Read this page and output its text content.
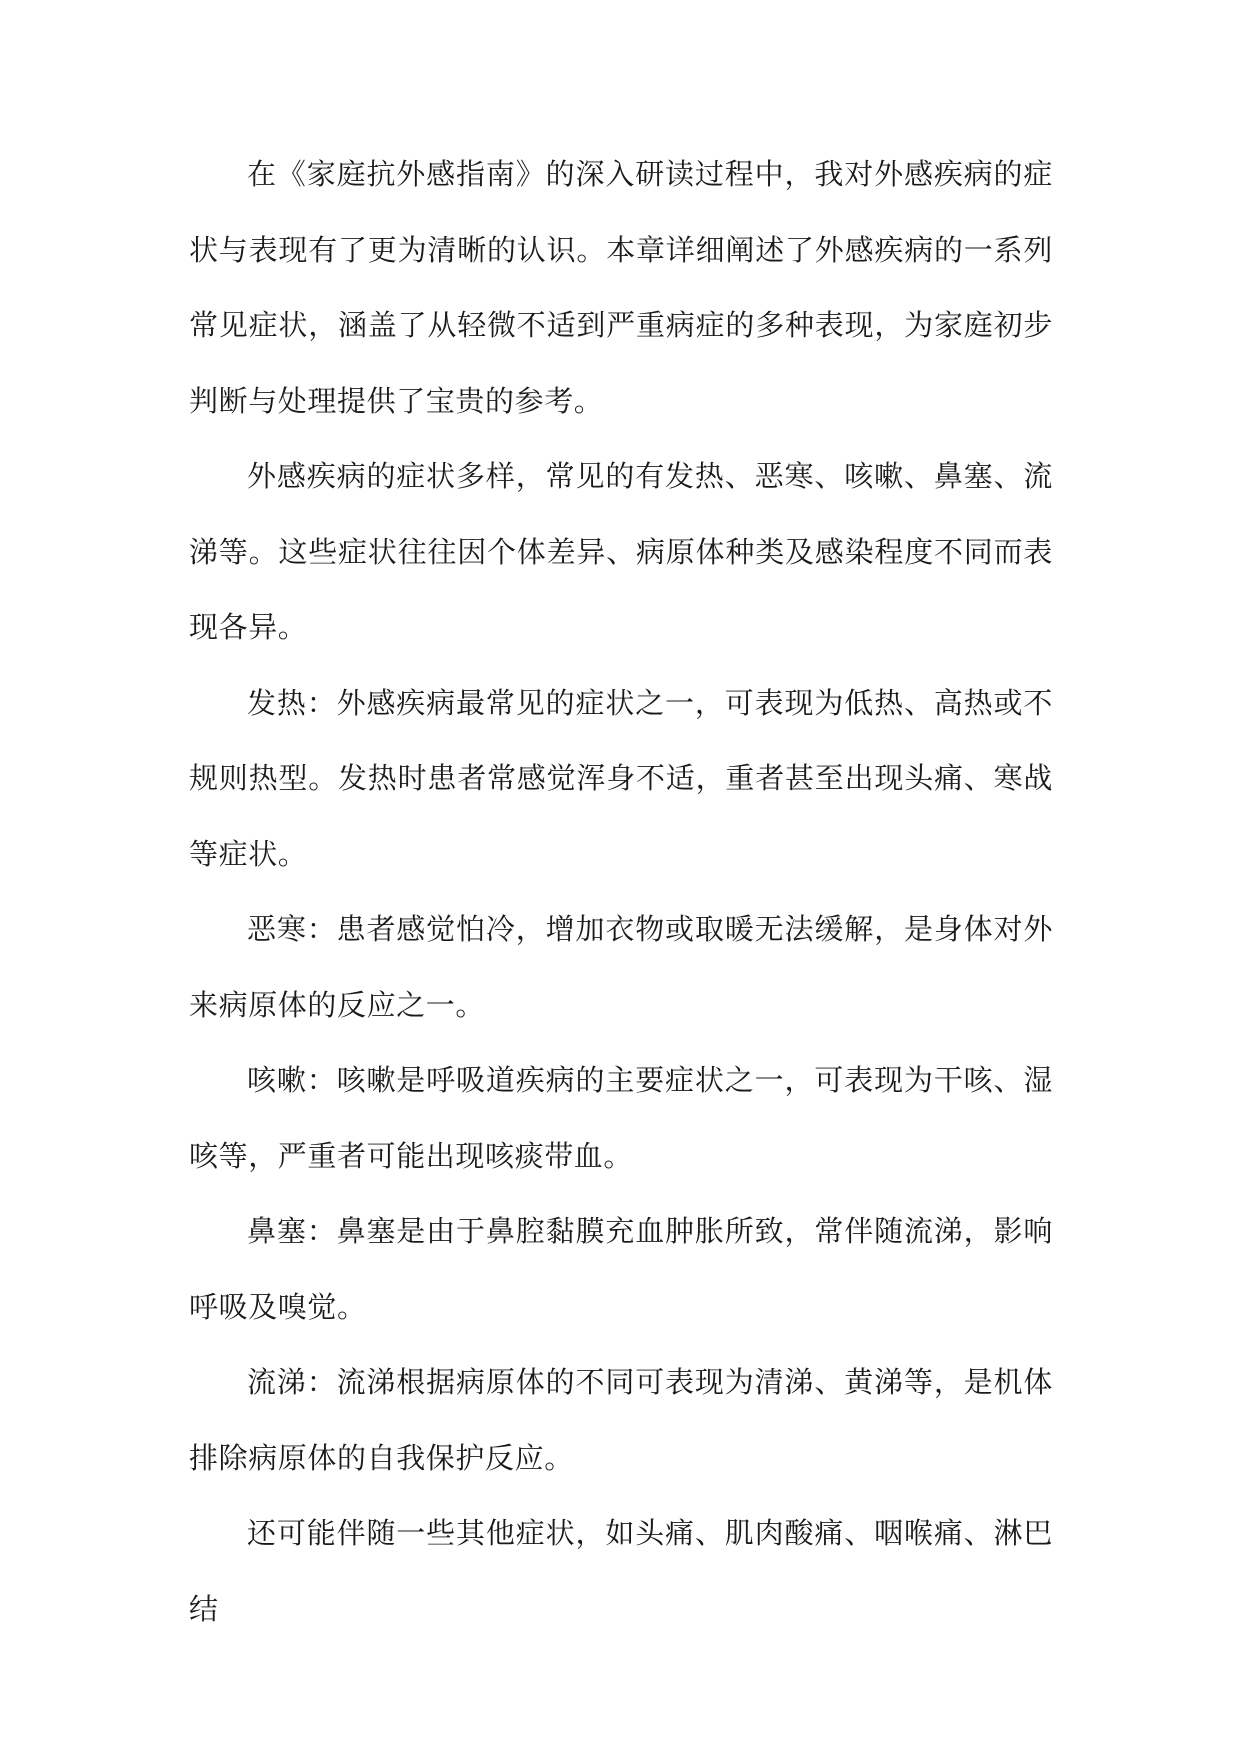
在《家庭抗外感指南》的深入研读过程中，我对外感疾病的症状与表现有了更为清晰的认识。本章详细阐述了外感疾病的一系列常见症状，涵盖了从轻微不适到严重病症的多种表现，为家庭初步判断与处理提供了宝贵的参考。

外感疾病的症状多样，常见的有发热、恶寒、咳嗽、鼻塞、流涕等。这些症状往往因个体差异、病原体种类及感染程度不同而表现各异。

发热：外感疾病最常见的症状之一，可表现为低热、高热或不规则热型。发热时患者常感觉浑身不适，重者甚至出现头痛、寒战等症状。

恶寒：患者感觉怕冷，增加衣物或取暖无法缓解，是身体对外来病原体的反应之一。

咳嗽：咳嗽是呼吸道疾病的主要症状之一，可表现为干咳、湿咳等，严重者可能出现咳痰带血。

鼻塞：鼻塞是由于鼻腔黏膜充血肿胀所致，常伴随流涕，影响呼吸及嗅觉。

流涕：流涕根据病原体的不同可表现为清涕、黄涕等，是机体排除病原体的自我保护反应。

还可能伴随一些其他症状，如头痛、肌肉酸痛、咽喉痛、淋巴结
